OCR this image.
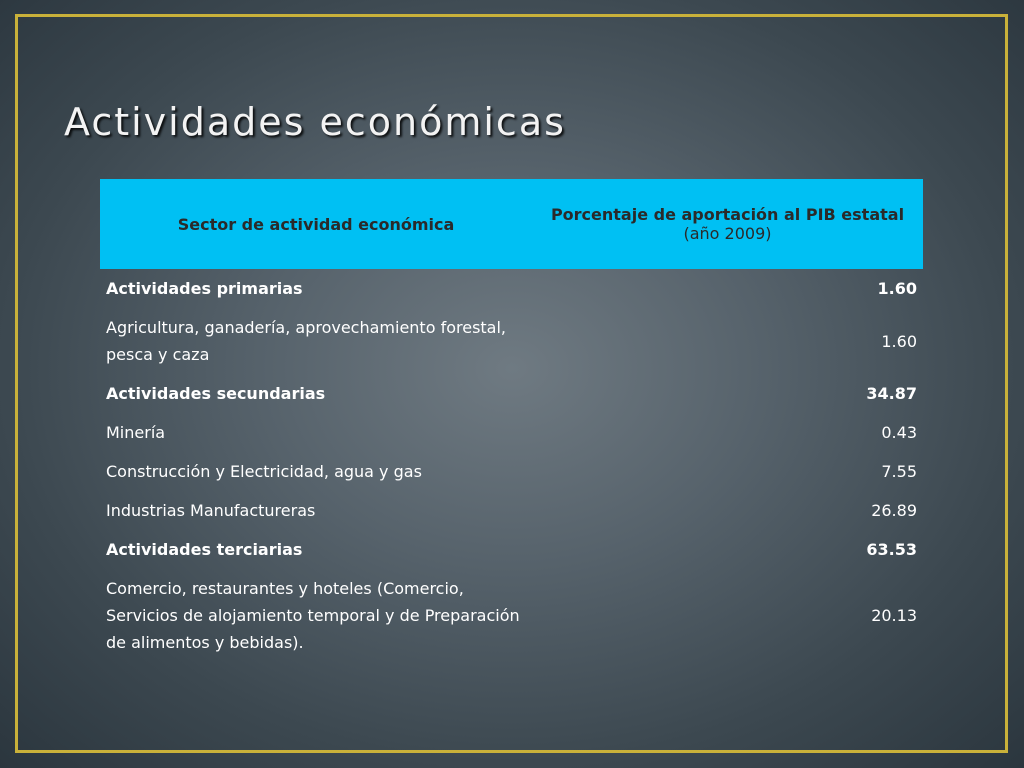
Actividades económicas
Sector de actividad económica	Porcentaje de aportación al PIB estatal
(año 2009)

Actividades primarias	1.60
Agricultura, ganadería, aprovechamiento forestal, pesca y caza	1.60
Actividades secundarias	34.87
Minería	0.43
Construcción y Electricidad, agua y gas	7.55
Industrias Manufactureras	26.89
Actividades terciarias	63.53
Comercio, restaurantes y hoteles (Comercio, Servicios de alojamiento temporal y de Preparación de alimentos y bebidas).	20.13
